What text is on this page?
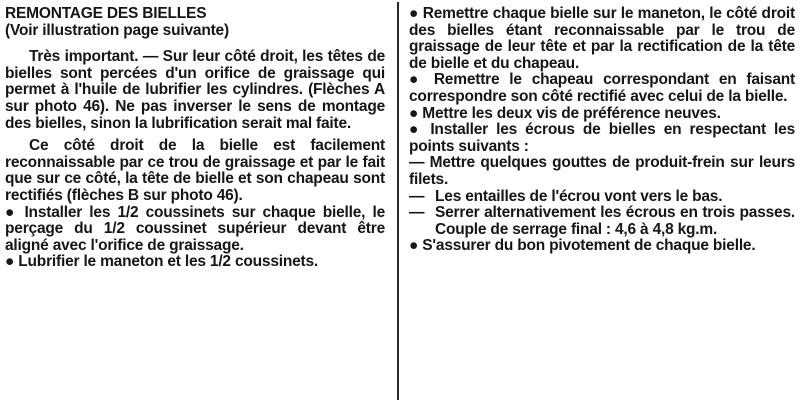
REMONTAGE DES BIELLES

(Voir illustration page suivante)

Très important. — Sur leur côté droit, les têtes de bielles sont percées d'un orifice de graissage qui permet à l'huile de lubrifier les cylindres. (Flèches A sur photo 46). Ne pas inverser le sens de montage des bielles, sinon la lubrification serait mal faite.

Ce côté droit de la bielle est facilement reconnaissable par ce trou de graissage et par le fait que sur ce côté, la tête de bielle et son chapeau sont rectifiés (flèches B sur photo 46).

● Installer les 1/2 coussinets sur chaque bielle, le perçage du 1/2 coussinet supérieur devant être aligné avec l'orifice de graissage.

● Lubrifier le maneton et les 1/2 coussinets.

● Remettre chaque bielle sur le maneton, le côté droit des bielles étant reconnaissable par le trou de graissage de leur tête et par la rectification de la tête de bielle et du chapeau.

● Remettre le chapeau correspondant en faisant correspondre son côté rectifié avec celui de la bielle.

● Mettre les deux vis de préférence neuves.

● Installer les écrous de bielles en respectant les points suivants :

— Mettre quelques gouttes de produit-frein sur leurs filets.

— Les entailles de l'écrou vont vers le bas.
— Serrer alternativement les écrous en trois passes. Couple de serrage final : 4,6 à 4,8 kg.m.

● S'assurer du bon pivotement de chaque bielle.
